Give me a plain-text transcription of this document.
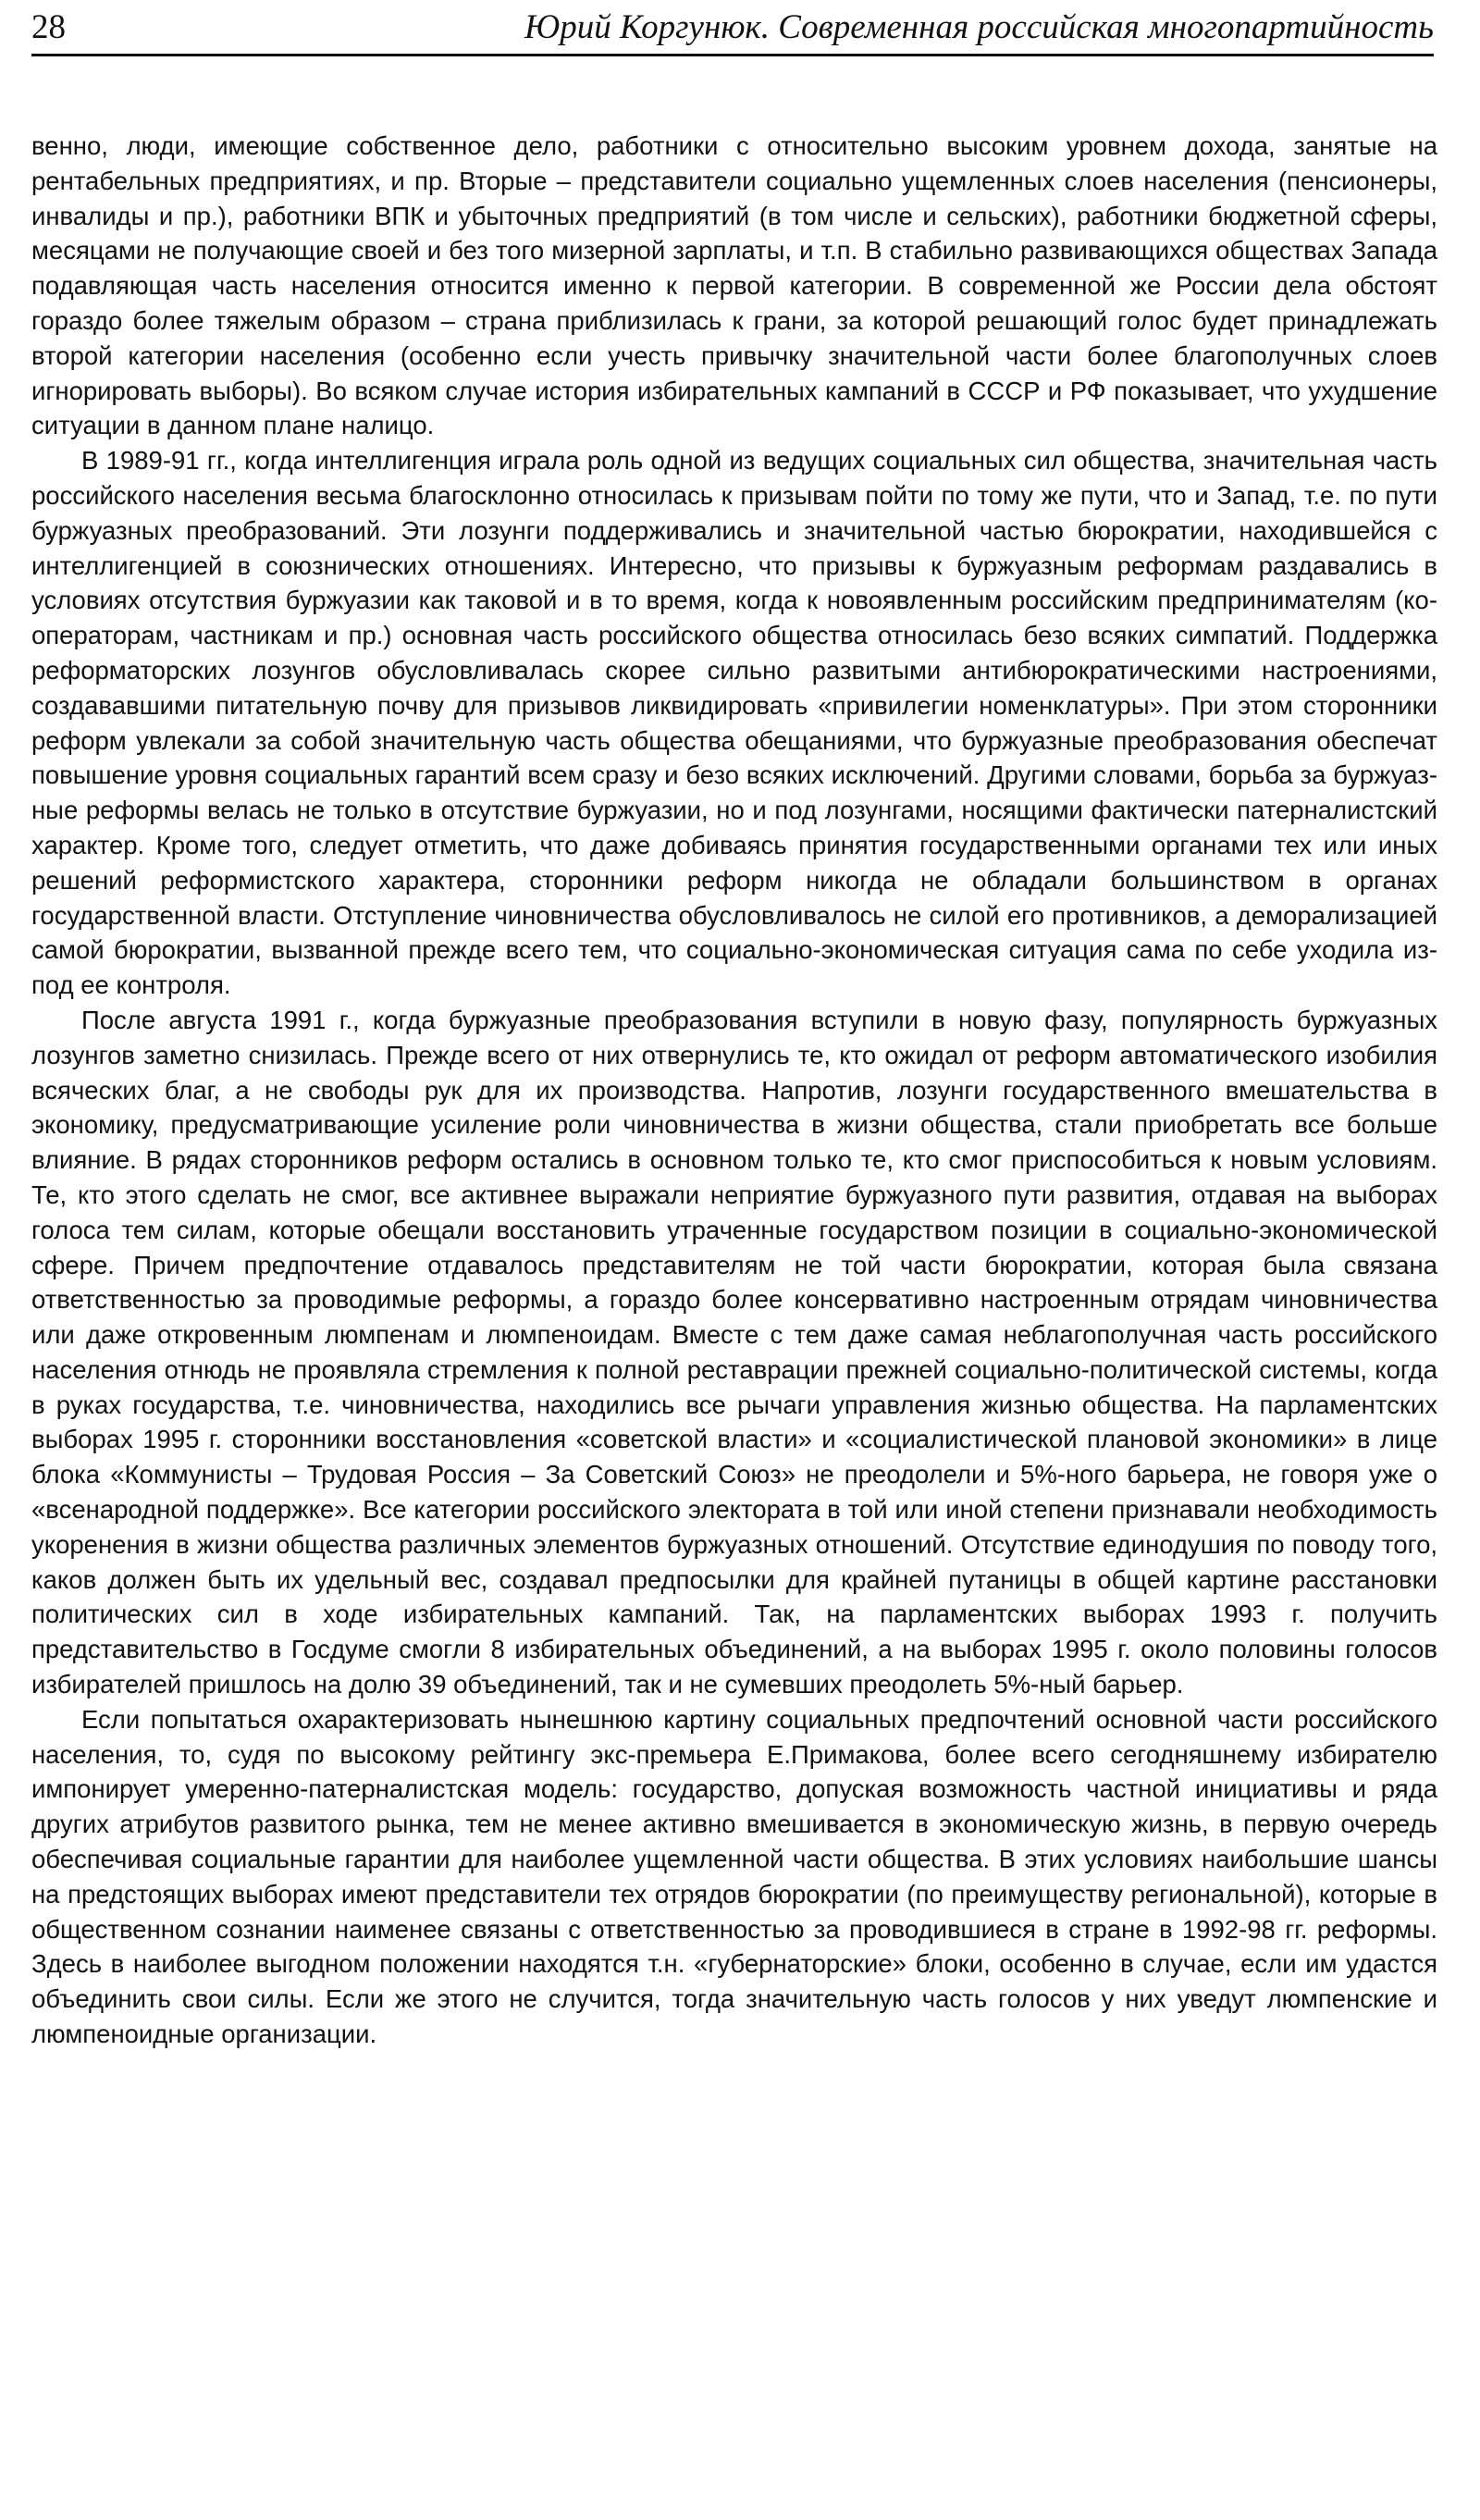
28	Юрий Коргунюк. Современная российская многопартийность

венно, люди, имеющие собственное дело, работники с относительно высоким уровнем дохода, занятые на рентабельных предприятиях, и пр. Вторые – представители социально ущемленных слоев населения (пенсионеры, инвалиды и пр.), работники ВПК и убыточных предприятий (в том числе и сельских), работники бюджетной сферы, месяцами не получающие своей и без того мизерной зарплаты, и т.п. В стабильно развивающихся обществах Запада подавляющая часть населения относится именно к первой категории. В современной же России дела обстоят гораздо более тяжелым образом – страна приблизилась к грани, за которой решающий голос будет принадлежать второй категории населения (особенно если учесть привычку значительной части более благополучных слоев игнорировать выборы). Во всяком случае история избирательных кампаний в СССР и РФ показывает, что ухудшение ситуации в данном плане налицо.

В 1989-91 гг., когда интеллигенция играла роль одной из ведущих социальных сил общества, значительная часть российского населения весьма благосклонно относилась к призывам пойти по тому же пути, что и Запад, т.е. по пути буржуазных преобразований. Эти лозунги поддерживались и значительной частью бюрократии, находившейся с интеллигенцией в союзнических отношениях. Интересно, что призывы к буржуазным реформам раздавались в условиях отсутствия буржуазии как таковой и в то время, когда к новоявленным российским предпринимателям (кооператорам, частникам и пр.) основная часть российского общества относилась безо всяких симпатий. Поддержка реформаторских лозунгов обусловливалась скорее сильно развитыми антибюрократическими настроениями, создававшими питательную почву для призывов ликвидировать «привилегии номенклатуры». При этом сторонники реформ увлекали за собой значительную часть общества обещаниями, что буржуазные преобразования обеспечат повышение уровня социальных гарантий всем сразу и безо всяких исключений. Другими словами, борьба за буржуазные реформы велась не только в отсутствие буржуазии, но и под лозунгами, носящими фактически патерналистский характер. Кроме того, следует отметить, что даже добиваясь принятия государственными органами тех или иных решений реформистского характера, сторонники реформ никогда не обладали большинством в органах государственной власти. Отступление чиновничества обусловливалось не силой его противников, а деморализацией самой бюрократии, вызванной прежде всего тем, что социально-экономическая ситуация сама по себе уходила из-под ее контроля.

После августа 1991 г., когда буржуазные преобразования вступили в новую фазу, популярность буржуазных лозунгов заметно снизилась. Прежде всего от них отвернулись те, кто ожидал от реформ автоматического изобилия всяческих благ, а не свободы рук для их производства. Напротив, лозунги государственного вмешательства в экономику, предусматривающие усиление роли чиновничества в жизни общества, стали приобретать все больше влияние. В рядах сторонников реформ остались в основном только те, кто смог приспособиться к новым условиям. Те, кто этого сделать не смог, все активнее выражали неприятие буржуазного пути развития, отдавая на выборах голоса тем силам, которые обещали восстановить утраченные государством позиции в социально-экономической сфере. Причем предпочтение отдавалось представителям не той части бюрократии, которая была связана ответственностью за проводимые реформы, а гораздо более консервативно настроенным отрядам чиновничества или даже откровенным люмпенам и люмпеноидам. Вместе с тем даже самая неблагополучная часть российского населения отнюдь не проявляла стремления к полной реставрации прежней социально-политической системы, когда в руках государства, т.е. чиновничества, находились все рычаги управления жизнью общества. На парламентских выборах 1995 г. сторонники восстановления «советской власти» и «социалистической плановой экономики» в лице блока «Коммунисты – Трудовая Россия – За Советский Союз» не преодолели и 5%-ного барьера, не говоря уже о «всенародной поддержке». Все категории российского электората в той или иной степени признавали необходимость укоренения в жизни общества различных элементов буржуазных отношений. Отсутствие единодушия по поводу того, каков должен быть их удельный вес, создавал предпосылки для крайней путаницы в общей картине расстановки политических сил в ходе избирательных кампаний. Так, на парламентских выборах 1993 г. получить представительство в Госдуме смогли 8 избирательных объединений, а на выборах 1995 г. около половины голосов избирателей пришлось на долю 39 объединений, так и не сумевших преодолеть 5%-ный барьер.

Если попытаться охарактеризовать нынешнюю картину социальных предпочтений основной части российского населения, то, судя по высокому рейтингу экс-премьера Е.Примакова, более всего сегодняшнему избирателю импонирует умеренно-патерналистская модель: государство, допуская возможность частной инициативы и ряда других атрибутов развитого рынка, тем не менее активно вмешивается в экономическую жизнь, в первую очередь обеспечивая социальные гарантии для наиболее ущемленной части общества. В этих условиях наибольшие шансы на предстоящих выборах имеют представители тех отрядов бюрократии (по преимуществу региональной), которые в общественном сознании наименее связаны с ответственностью за проводившиеся в стране в 1992-98 гг. реформы. Здесь в наиболее выгодном положении находятся т.н. «губернаторские» блоки, особенно в случае, если им удастся объединить свои силы. Если же этого не случится, тогда значительную часть голосов у них уведут люмпенские и люмпеноидные организации.
